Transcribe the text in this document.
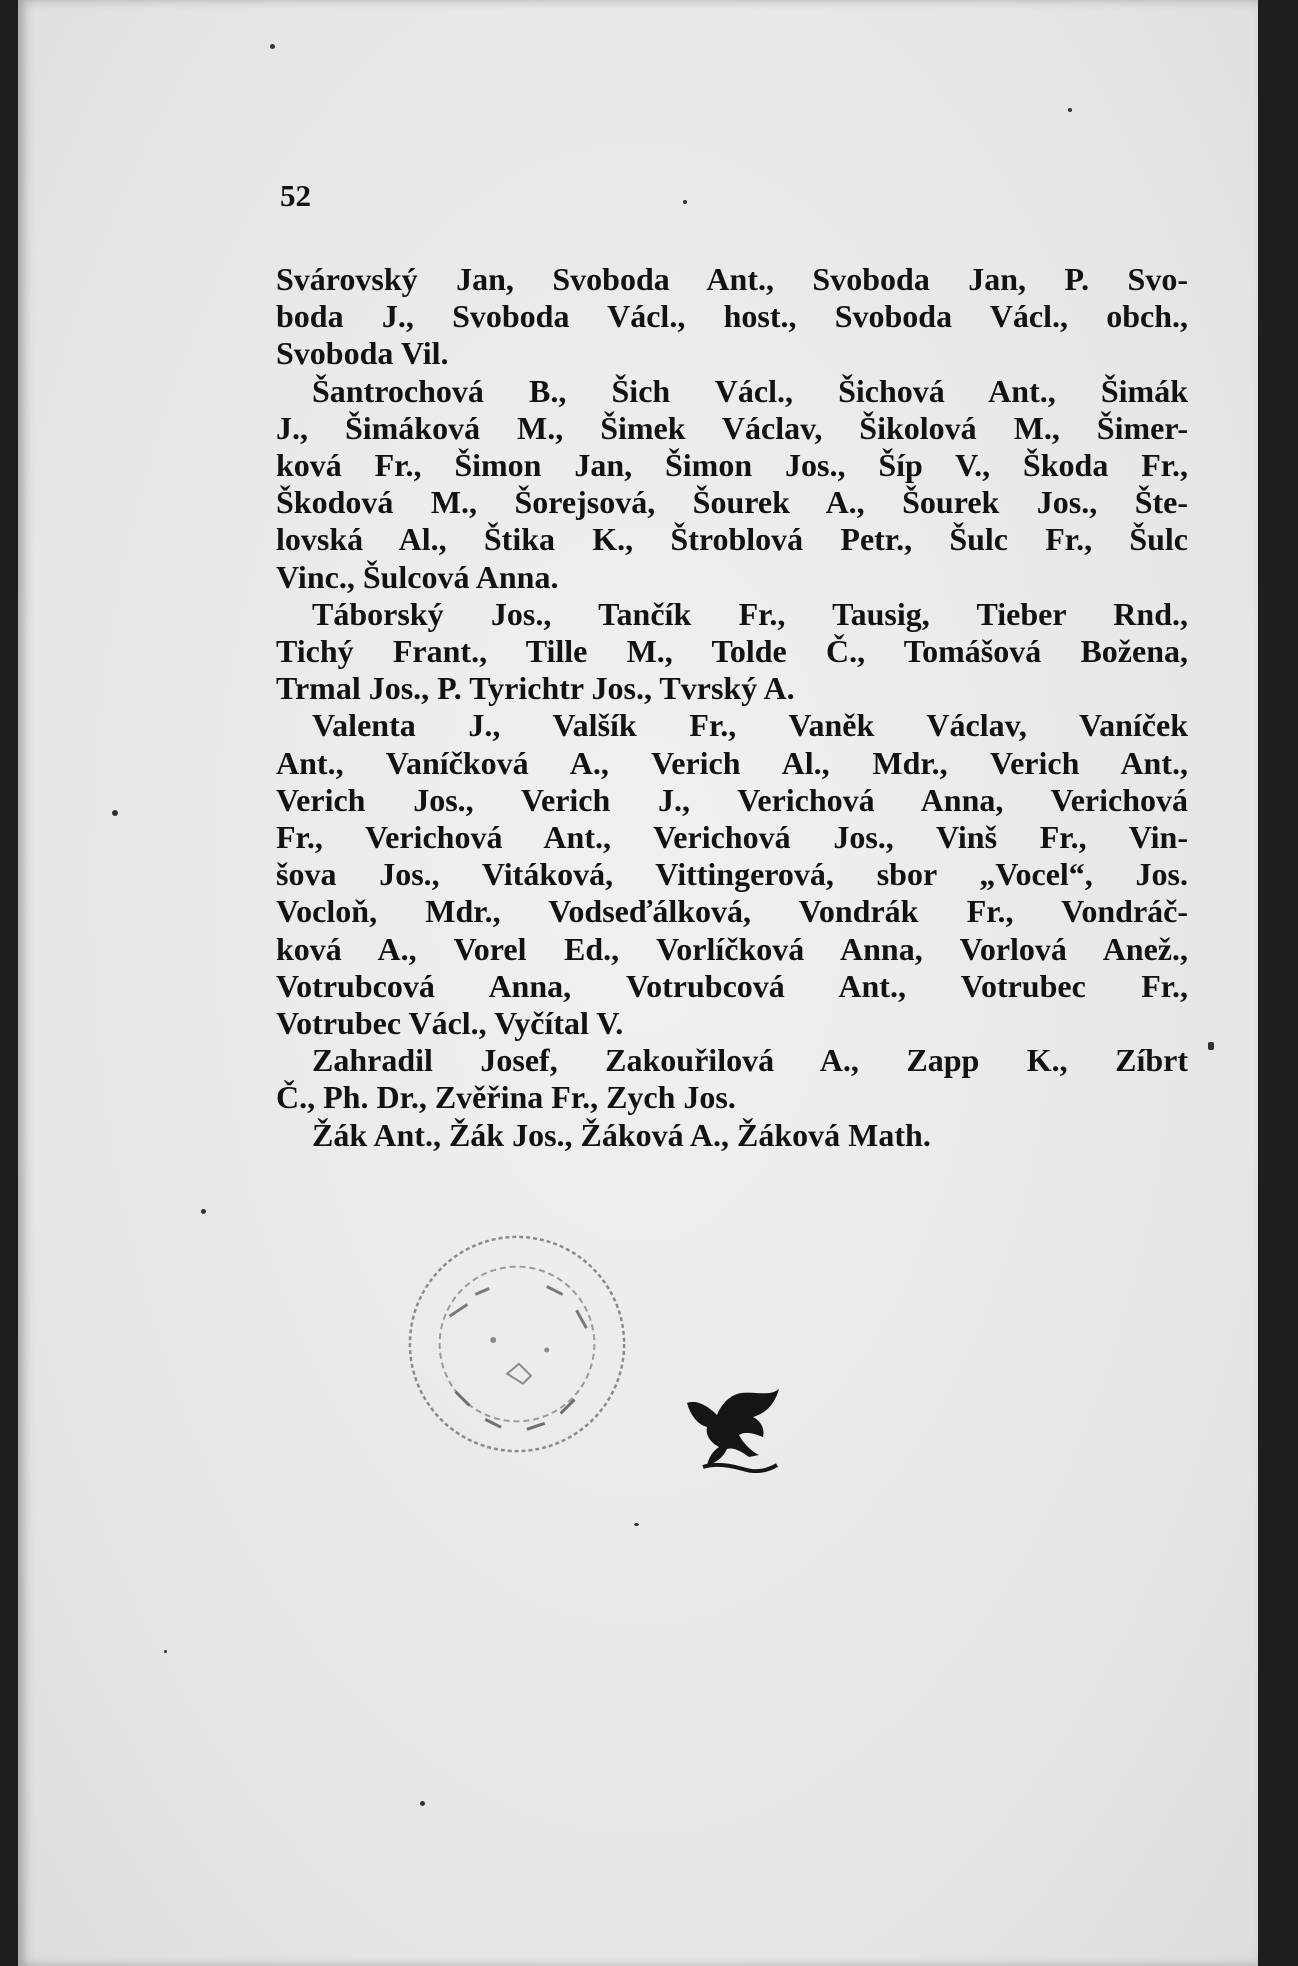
52
Svárovský Jan, Svoboda Ant., Svoboda Jan, P. Svo-
boda J., Svoboda Václ., host., Svoboda Václ., obch.,
Svoboda Vil.
Šantrochová B., Šich Václ., Šichová Ant., Šimák
J., Šimáková M., Šimek Václav, Šikolová M., Šimer-
ková Fr., Šimon Jan, Šimon Jos., Šíp V., Škoda Fr.,
Škodová M., Šorejsová, Šourek A., Šourek Jos., Šte-
lovská Al., Štika K., Štroblová Petr., Šulc Fr., Šulc
Vinc., Šulcová Anna.
Táborský Jos., Tančík Fr., Tausig, Tieber Rnd.,
Tichý Frant., Tille M., Tolde Č., Tomášová Božena,
Trmal Jos., P. Tyrichtr Jos., Tvrský A.
Valenta J., Valšík Fr., Vaněk Václav, Vaníček
Ant., Vaníčková A., Verich Al., Mdr., Verich Ant.,
Verich Jos., Verich J., Verichová Anna, Verichová
Fr., Verichová Ant., Verichová Jos., Vinš Fr., Vin-
šova Jos., Vitáková, Vittingerová, sbor „Vocel“, Jos.
Vocloň, Mdr., Vodseďálková, Vondrák Fr., Vondráč-
ková A., Vorel Ed., Vorlíčková Anna, Vorlová Anež.,
Votrubcová Anna, Votrubcová Ant., Votrubec Fr.,
Votrubec Václ., Vyčítal V.
Zahradil Josef, Zakouřilová A., Zapp K., Zíbrt
Č., Ph. Dr., Zvěřina Fr., Zych Jos.
Žák Ant., Žák Jos., Žáková A., Žáková Math.
